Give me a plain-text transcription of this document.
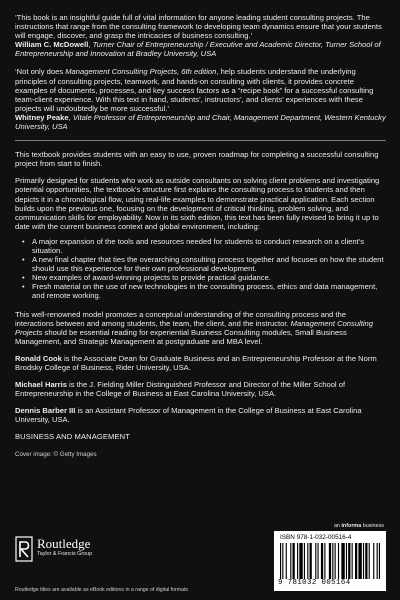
‘This book is an insightful guide full of vital information for anyone leading student consulting projects. The instructions that range from the consulting framework to developing team dynamics ensure that your students will engage, discover, and grasp the intricacies of business consulting.’

William C. McDowell, Turner Chair of Entrepreneurship / Executive and Academic Director, Turner School of Entrepreneurship and Innovation at Bradley University, USA

‘Not only does Management Consulting Projects, 6th edition, help students understand the underlying principles of consulting projects, teamwork, and hands-on consulting with clients, it provides concrete examples of documents, processes, and key success factors as a “recipe book” for a successful consulting team-client experience. With this text in hand, students’, instructors’, and clients’ experiences with these projects will undoubtedly be more successful.’

Whitney Peake, Vitale Professor of Entrepreneurship and Chair, Management Department, Western Kentucky University, USA

This textbook provides students with an easy to use, proven roadmap for completing a successful consulting project from start to finish.

Primarily designed for students who work as outside consultants on solving client problems and investigating potential opportunities, the textbook’s structure first explains the consulting process to students and then depicts it in a chronological flow, using real-life examples to demonstrate practical application. Each section builds upon the previous one, focusing on the development of critical thinking, problem solving, and communication skills for employability. Now in its sixth edition, this text has been fully revised to bring it up to date with the current business context and global environment, including:

• A major expansion of the tools and resources needed for students to conduct research on a client’s situation.
• A new final chapter that ties the overarching consulting process together and focuses on how the student should use this experience for their own professional development.
• New examples of award-winning projects to provide practical guidance.
• Fresh material on the use of new technologies in the consulting process, ethics and data management, and remote working.

This well-renowned model promotes a conceptual understanding of the consulting process and the interactions between and among students, the team, the client, and the instructor. Management Consulting Projects should be essential reading for experiential Business Consulting modules, Small Business Management, and Strategic Management at postgraduate and MBA level.

Ronald Cook is the Associate Dean for Graduate Business and an Entrepreneurship Professor at the Norm Brodsky College of Business, Rider University, USA.

Michael Harris is the J. Fielding Miller Distinguished Professor and Director of the Miller School of Entrepreneurship in the College of Business at East Carolina University, USA.

Dennis Barber III is an Assistant Professor of Management in the College of Business at East Carolina University, USA.

BUSINESS AND MANAGEMENT
Cover image: © Getty Images
Routledge
Taylor & Francis Group
Routledge titles are available as eBook editions in a range of digital formats
an informa business
ISBN 978-1-032-00516-4
9 781032 005164
